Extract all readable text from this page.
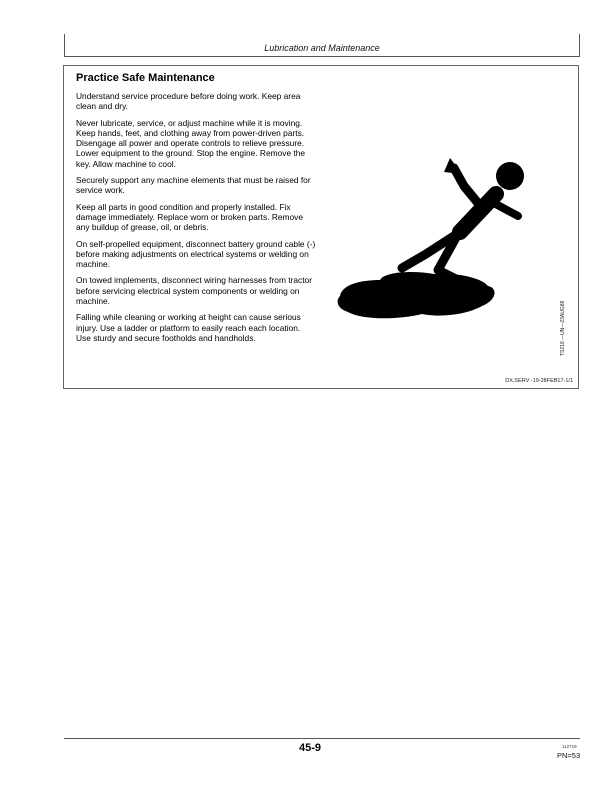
Lubrication and Maintenance
Practice Safe Maintenance

Understand service procedure before doing work. Keep area clean and dry.

Never lubricate, service, or adjust machine while it is moving. Keep hands, feet, and clothing away from power-driven parts. Disengage all power and operate controls to relieve pressure. Lower equipment to the ground. Stop the engine. Remove the key. Allow machine to cool.

Securely support any machine elements that must be raised for service work.

Keep all parts in good condition and properly installed. Fix damage immediately. Replace worn or broken parts. Remove any buildup of grease, oil, or debris.

On self-propelled equipment, disconnect battery ground cable (-) before making adjustments on electrical systems or welding on machine.

On towed implements, disconnect wiring harnesses from tractor before servicing electrical system components or welding on machine.

Falling while cleaning or working at height can cause serious injury. Use a ladder or platform to easily reach each location. Use sturdy and secure footholds and handholds.	TS218 —UN—23AUG88
DX,SERV -19-28FEB17-1/1
45-9	112719
PN=53
